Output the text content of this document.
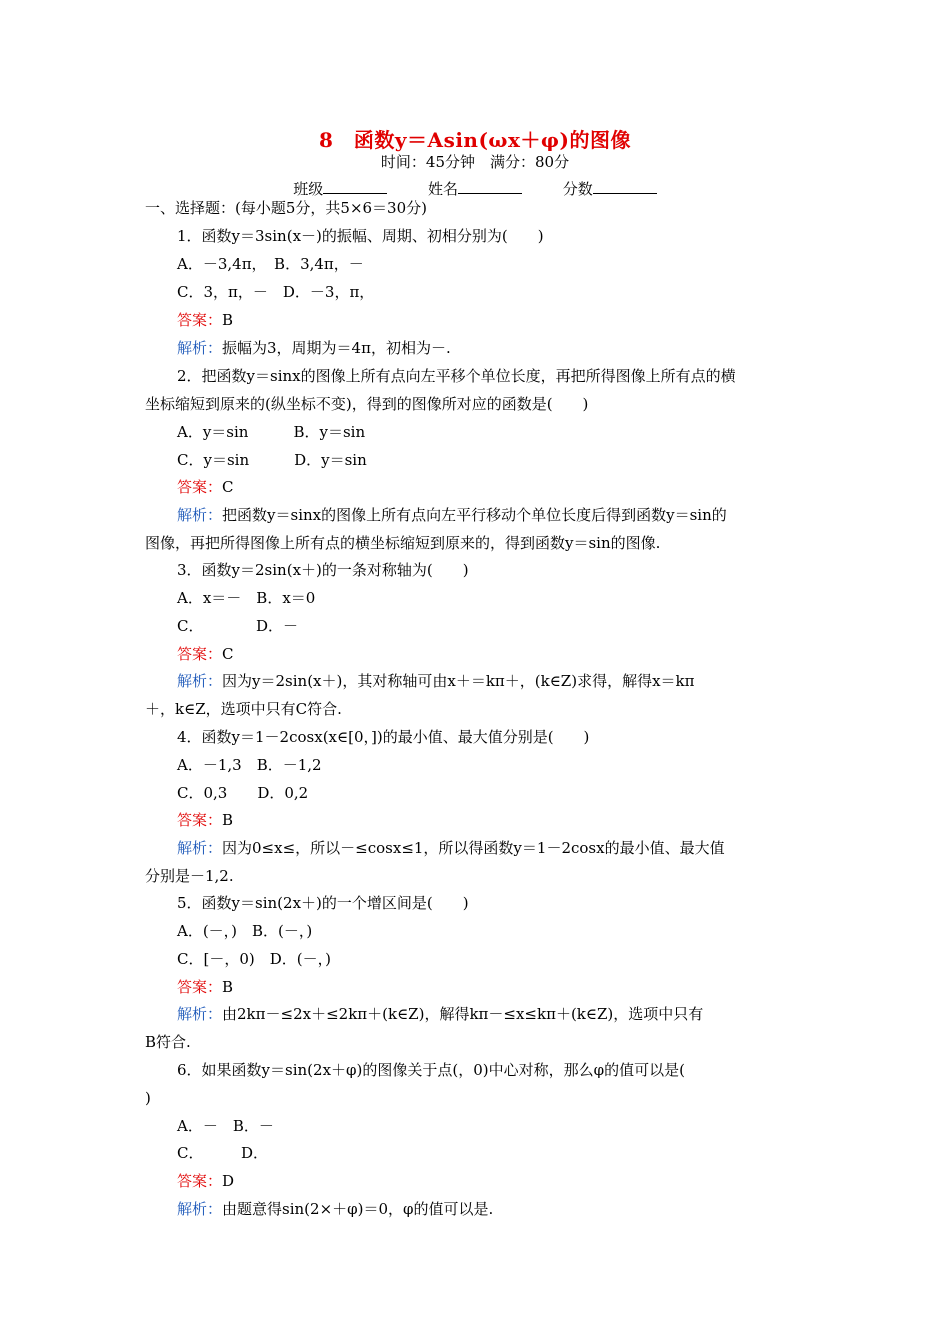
8　函数y＝Asin(ωx＋φ)的图像
时间：45分钟　满分：80分
班级	姓名	分数
一、选择题：(每小题5分，共5×6＝30分)
1．函数y＝3sin(x－)的振幅、周期、初相分别为(　　)
A．－3,4π，　B．3,4π，－
C．3，π，－　D．－3，π，
答案：B
解析：振幅为3，周期为＝4π，初相为－.
2．把函数y＝sinx的图像上所有点向左平移个单位长度，再把所得图像上所有点的横
坐标缩短到原来的(纵坐标不变)，得到的图像所对应的函数是(　　)
A．y＝sin　　　B．y＝sin
C．y＝sin　　　D．y＝sin
答案：C
解析：把函数y＝sinx的图像上所有点向左平行移动个单位长度后得到函数y＝sin的
图像，再把所得图像上所有点的横坐标缩短到原来的，得到函数y＝sin的图像.
3．函数y＝2sin(x＋)的一条对称轴为(　　)
A．x＝－　B．x＝0
C．　　　　D．－
答案：C
解析：因为y＝2sin(x＋)，其对称轴可由x＋＝kπ＋，(k∈Z)求得，解得x＝kπ
＋，k∈Z，选项中只有C符合.
4．函数y＝1－2cosx(x∈[0，])的最小值、最大值分别是(　　)
A．－1,3　B．－1,2
C．0,3　　D．0,2
答案：B
解析：因为0≤x≤，所以－≤cosx≤1，所以得函数y＝1－2cosx的最小值、最大值
分别是－1,2.
5．函数y＝sin(2x＋)的一个增区间是(　　)
A．(－，)　B．(－，)
C．[－，0)　D．(－，)
答案：B
解析：由2kπ－≤2x＋≤2kπ＋(k∈Z)，解得kπ－≤x≤kπ＋(k∈Z)，选项中只有
B符合.
6．如果函数y＝sin(2x＋φ)的图像关于点(，0)中心对称，那么φ的值可以是(
)
A．－　B．－
C．　　　D．
答案：D
解析：由题意得sin(2×＋φ)＝0，φ的值可以是.
